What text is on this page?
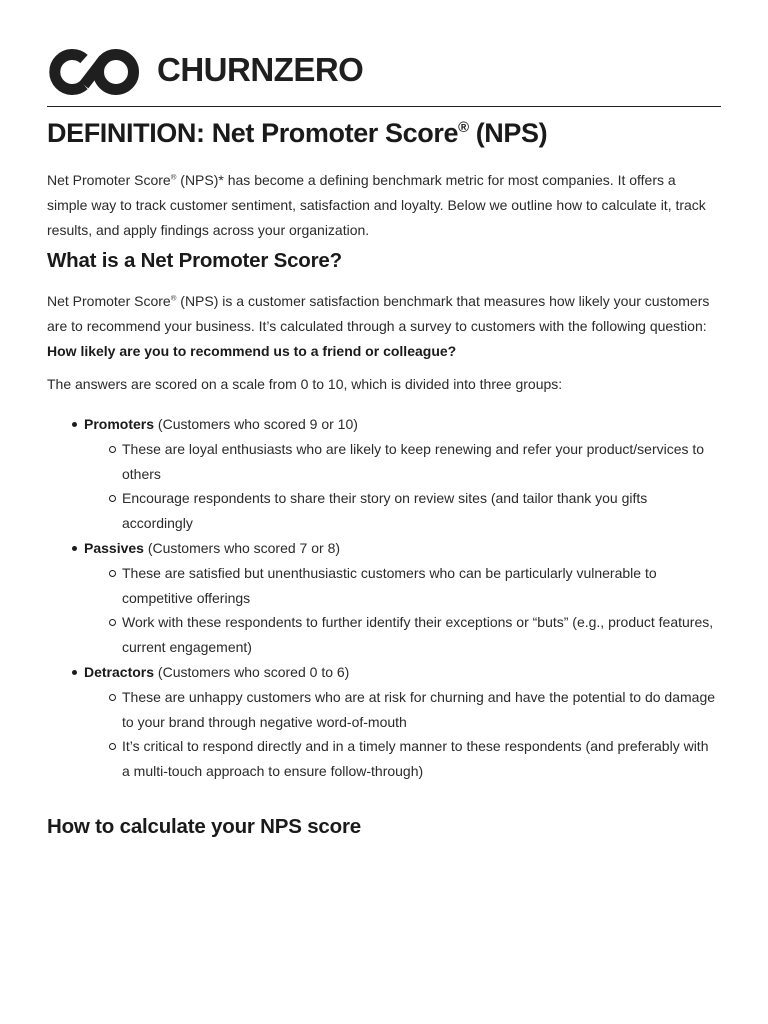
CHURNZERO
DEFINITION: Net Promoter Score® (NPS)

Net Promoter Score® (NPS)* has become a defining benchmark metric for most companies. It offers a simple way to track customer sentiment, satisfaction and loyalty. Below we outline how to calculate it, track results, and apply findings across your organization.

What is a Net Promoter Score?

Net Promoter Score® (NPS) is a customer satisfaction benchmark that measures how likely your customers are to recommend your business. It’s calculated through a survey to customers with the following question: How likely are you to recommend us to a friend or colleague?

The answers are scored on a scale from 0 to 10, which is divided into three groups:

Promoters (Customers who scored 9 or 10)
These are loyal enthusiasts who are likely to keep renewing and refer your product/services to others
Encourage respondents to share their story on review sites (and tailor thank you gifts accordingly
Passives (Customers who scored 7 or 8)
These are satisfied but unenthusiastic customers who can be particularly vulnerable to competitive offerings
Work with these respondents to further identify their exceptions or “buts” (e.g., product features, current engagement)
Detractors (Customers who scored 0 to 6)
These are unhappy customers who are at risk for churning and have the potential to do damage to your brand through negative word-of-mouth
It’s critical to respond directly and in a timely manner to these respondents (and preferably with a multi-touch approach to ensure follow-through)
How to calculate your NPS score
